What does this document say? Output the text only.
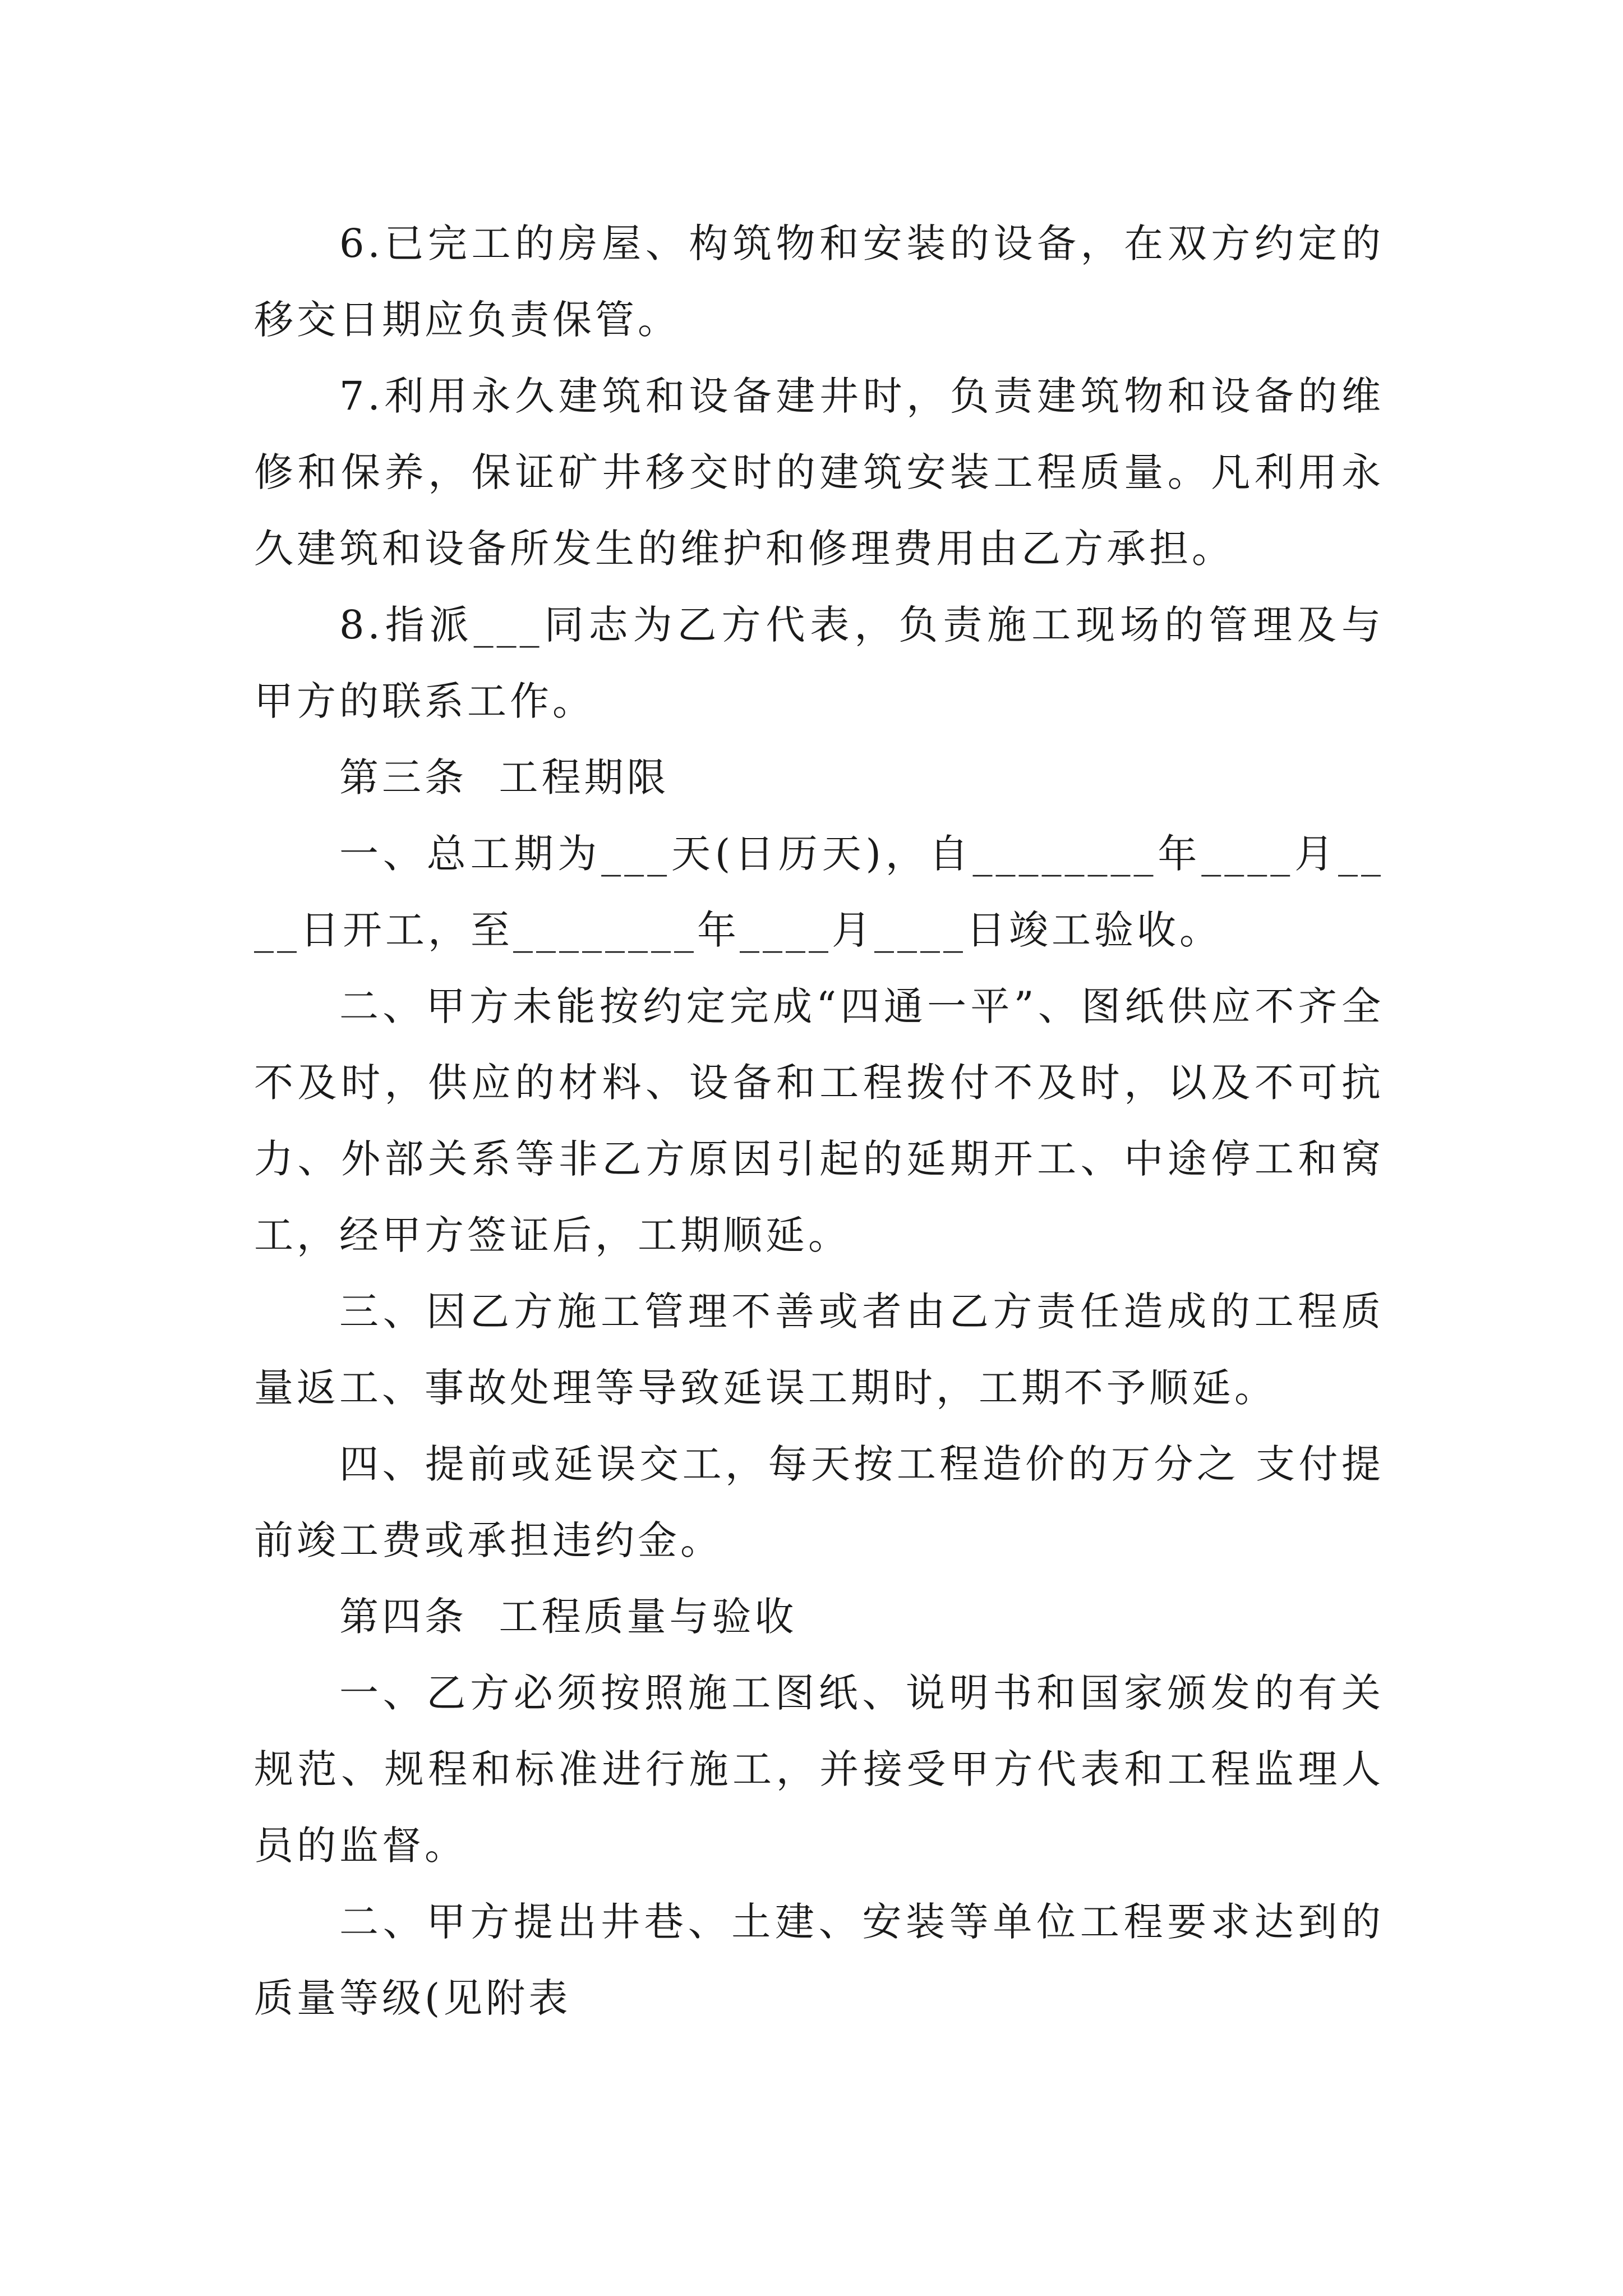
6.已完工的房屋、构筑物和安装的设备，在双方约定的移交日期应负责保管。

7.利用永久建筑和设备建井时，负责建筑物和设备的维修和保养，保证矿井移交时的建筑安装工程质量。凡利用永久建筑和设备所发生的维护和修理费用由乙方承担。

8.指派___同志为乙方代表，负责施工现场的管理及与甲方的联系工作。

第三条  工程期限

一、总工期为___天(日历天)，自________年____月____日开工，至________年____月____日竣工验收。

二、甲方未能按约定完成“四通一平”、图纸供应不齐全不及时，供应的材料、设备和工程拨付不及时，以及不可抗力、外部关系等非乙方原因引起的延期开工、中途停工和窝工，经甲方签证后，工期顺延。

三、因乙方施工管理不善或者由乙方责任造成的工程质量返工、事故处理等导致延误工期时，工期不予顺延。

四、提前或延误交工，每天按工程造价的万分之 支付提前竣工费或承担违约金。

第四条  工程质量与验收

一、乙方必须按照施工图纸、说明书和国家颁发的有关规范、规程和标准进行施工，并接受甲方代表和工程监理人员的监督。

二、甲方提出井巷、土建、安装等单位工程要求达到的质量等级(见附表
